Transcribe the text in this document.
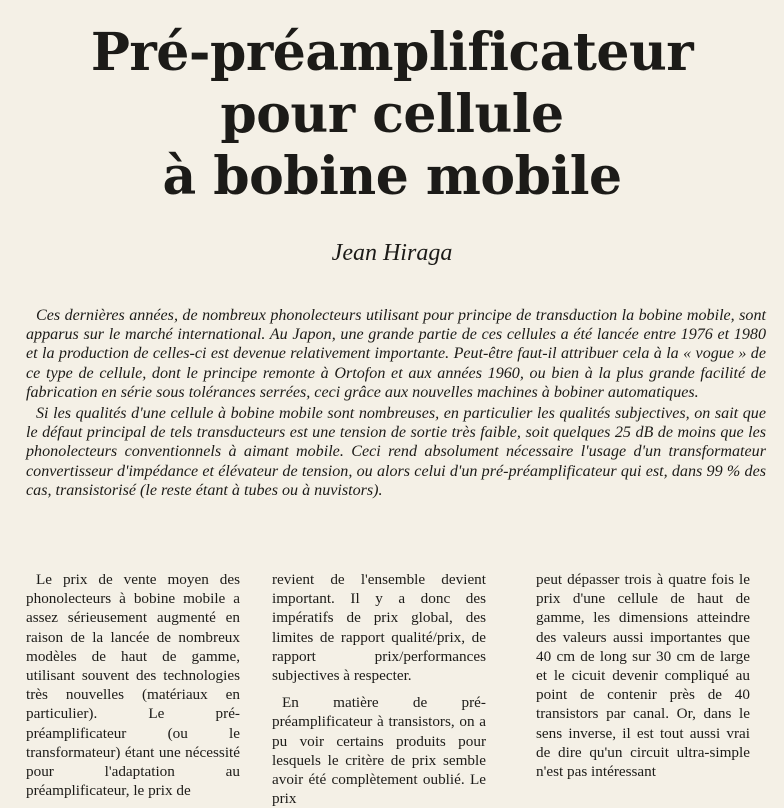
Pré-préamplificateur
pour cellule
à bobine mobile
Jean Hiraga

Ces dernières années, de nombreux phonolecteurs utilisant pour principe de transduction la bobine mobile, sont apparus sur le marché international. Au Japon, une grande partie de ces cellules a été lancée entre 1976 et 1980 et la production de celles-ci est devenue relativement importante. Peut-être faut-il attribuer cela à la « vogue » de ce type de cellule, dont le principe remonte à Ortofon et aux années 1960, ou bien à la plus grande facilité de fabrication en série sous tolérances serrées, ceci grâce aux nouvelles machines à bobiner automatiques.

Si les qualités d'une cellule à bobine mobile sont nombreuses, en particulier les qualités subjectives, on sait que le défaut principal de tels transducteurs est une tension de sortie très faible, soit quelques 25 dB de moins que les phonolecteurs conventionnels à aimant mobile. Ceci rend absolument nécessaire l'usage d'un transformateur convertisseur d'impédance et élévateur de tension, ou alors celui d'un pré-préamplificateur qui est, dans 99 % des cas, transistorisé (le reste étant à tubes ou à nuvistors).

Le prix de vente moyen des phonolecteurs à bobine mobile a assez sérieusement augmenté en raison de la lancée de nombreux modèles de haut de gamme, utilisant souvent des technologies très nouvelles (matériaux en particulier). Le pré-préamplificateur (ou le transformateur) étant une nécessité pour l'adaptation au préamplificateur, le prix de

revient de l'ensemble devient important. Il y a donc des impératifs de prix global, des limites de rapport qualité/prix, de rapport prix/performances subjectives à respecter.

En matière de pré-préamplificateur à transistors, on a pu voir certains produits pour lesquels le critère de prix semble avoir été complètement oublié. Le prix

peut dépasser trois à quatre fois le prix d'une cellule de haut de gamme, les dimensions atteindre des valeurs aussi importantes que 40 cm de long sur 30 cm de large et le cicuit devenir compliqué au point de contenir près de 40 transistors par canal. Or, dans le sens inverse, il est tout aussi vrai de dire qu'un circuit ultra-simple n'est pas intéressant
